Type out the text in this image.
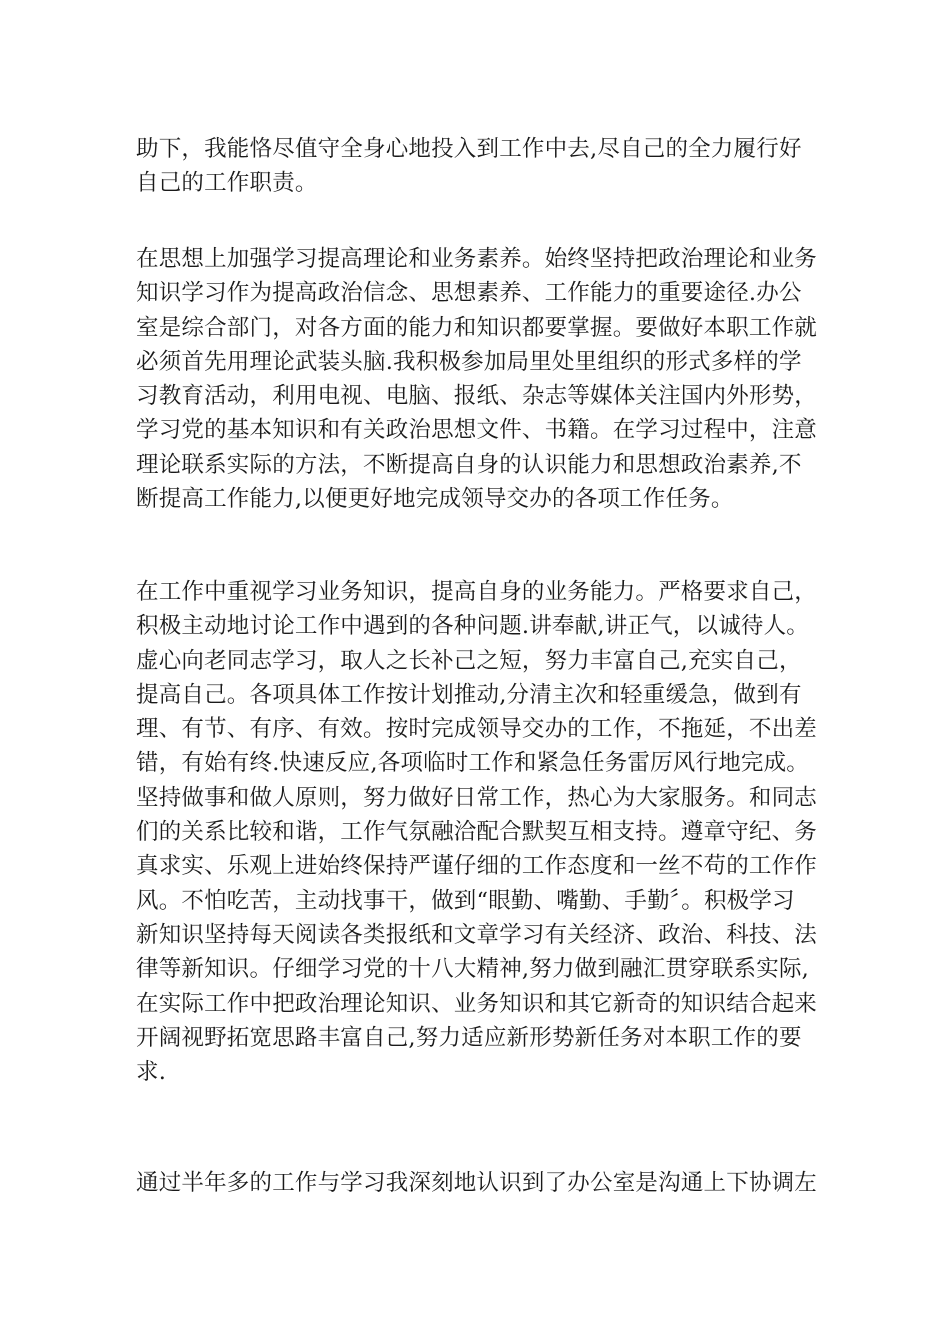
助下，我能恪尽值守全身心地投入到工作中去,尽自己的全力履行好
自己的工作职责。

在思想上加强学习提高理论和业务素养。始终坚持把政治理论和业务
知识学习作为提高政治信念、思想素养、工作能力的重要途径.办公
室是综合部门，对各方面的能力和知识都要掌握。要做好本职工作就
必须首先用理论武装头脑.我积极参加局里处里组织的形式多样的学
习教育活动，利用电视、电脑、报纸、杂志等媒体关注国内外形势，
学习党的基本知识和有关政治思想文件、书籍。在学习过程中，注意
理论联系实际的方法，不断提高自身的认识能力和思想政治素养,不
断提高工作能力,以便更好地完成领导交办的各项工作任务。

在工作中重视学习业务知识，提高自身的业务能力。严格要求自己，
积极主动地讨论工作中遇到的各种问题.讲奉献,讲正气，以诚待人。
虚心向老同志学习，取人之长补己之短，努力丰富自己,充实自己，
提高自己。各项具体工作按计划推动,分清主次和轻重缓急，做到有
理、有节、有序、有效。按时完成领导交办的工作，不拖延，不出差
错，有始有终.快速反应,各项临时工作和紧急任务雷厉风行地完成。
坚持做事和做人原则，努力做好日常工作，热心为大家服务。和同志
们的关系比较和谐，工作气氛融洽配合默契互相支持。遵章守纪、务
真求实、乐观上进始终保持严谨仔细的工作态度和一丝不苟的工作作
风。不怕吃苦，主动找事干，做到“眼勤、嘴勤、手勤〞。积极学习
新知识坚持每天阅读各类报纸和文章学习有关经济、政治、科技、法
律等新知识。仔细学习党的十八大精神,努力做到融汇贯穿联系实际,
在实际工作中把政治理论知识、业务知识和其它新奇的知识结合起来
开阔视野拓宽思路丰富自己,努力适应新形势新任务对本职工作的要
求.

通过半年多的工作与学习我深刻地认识到了办公室是沟通上下协调左
